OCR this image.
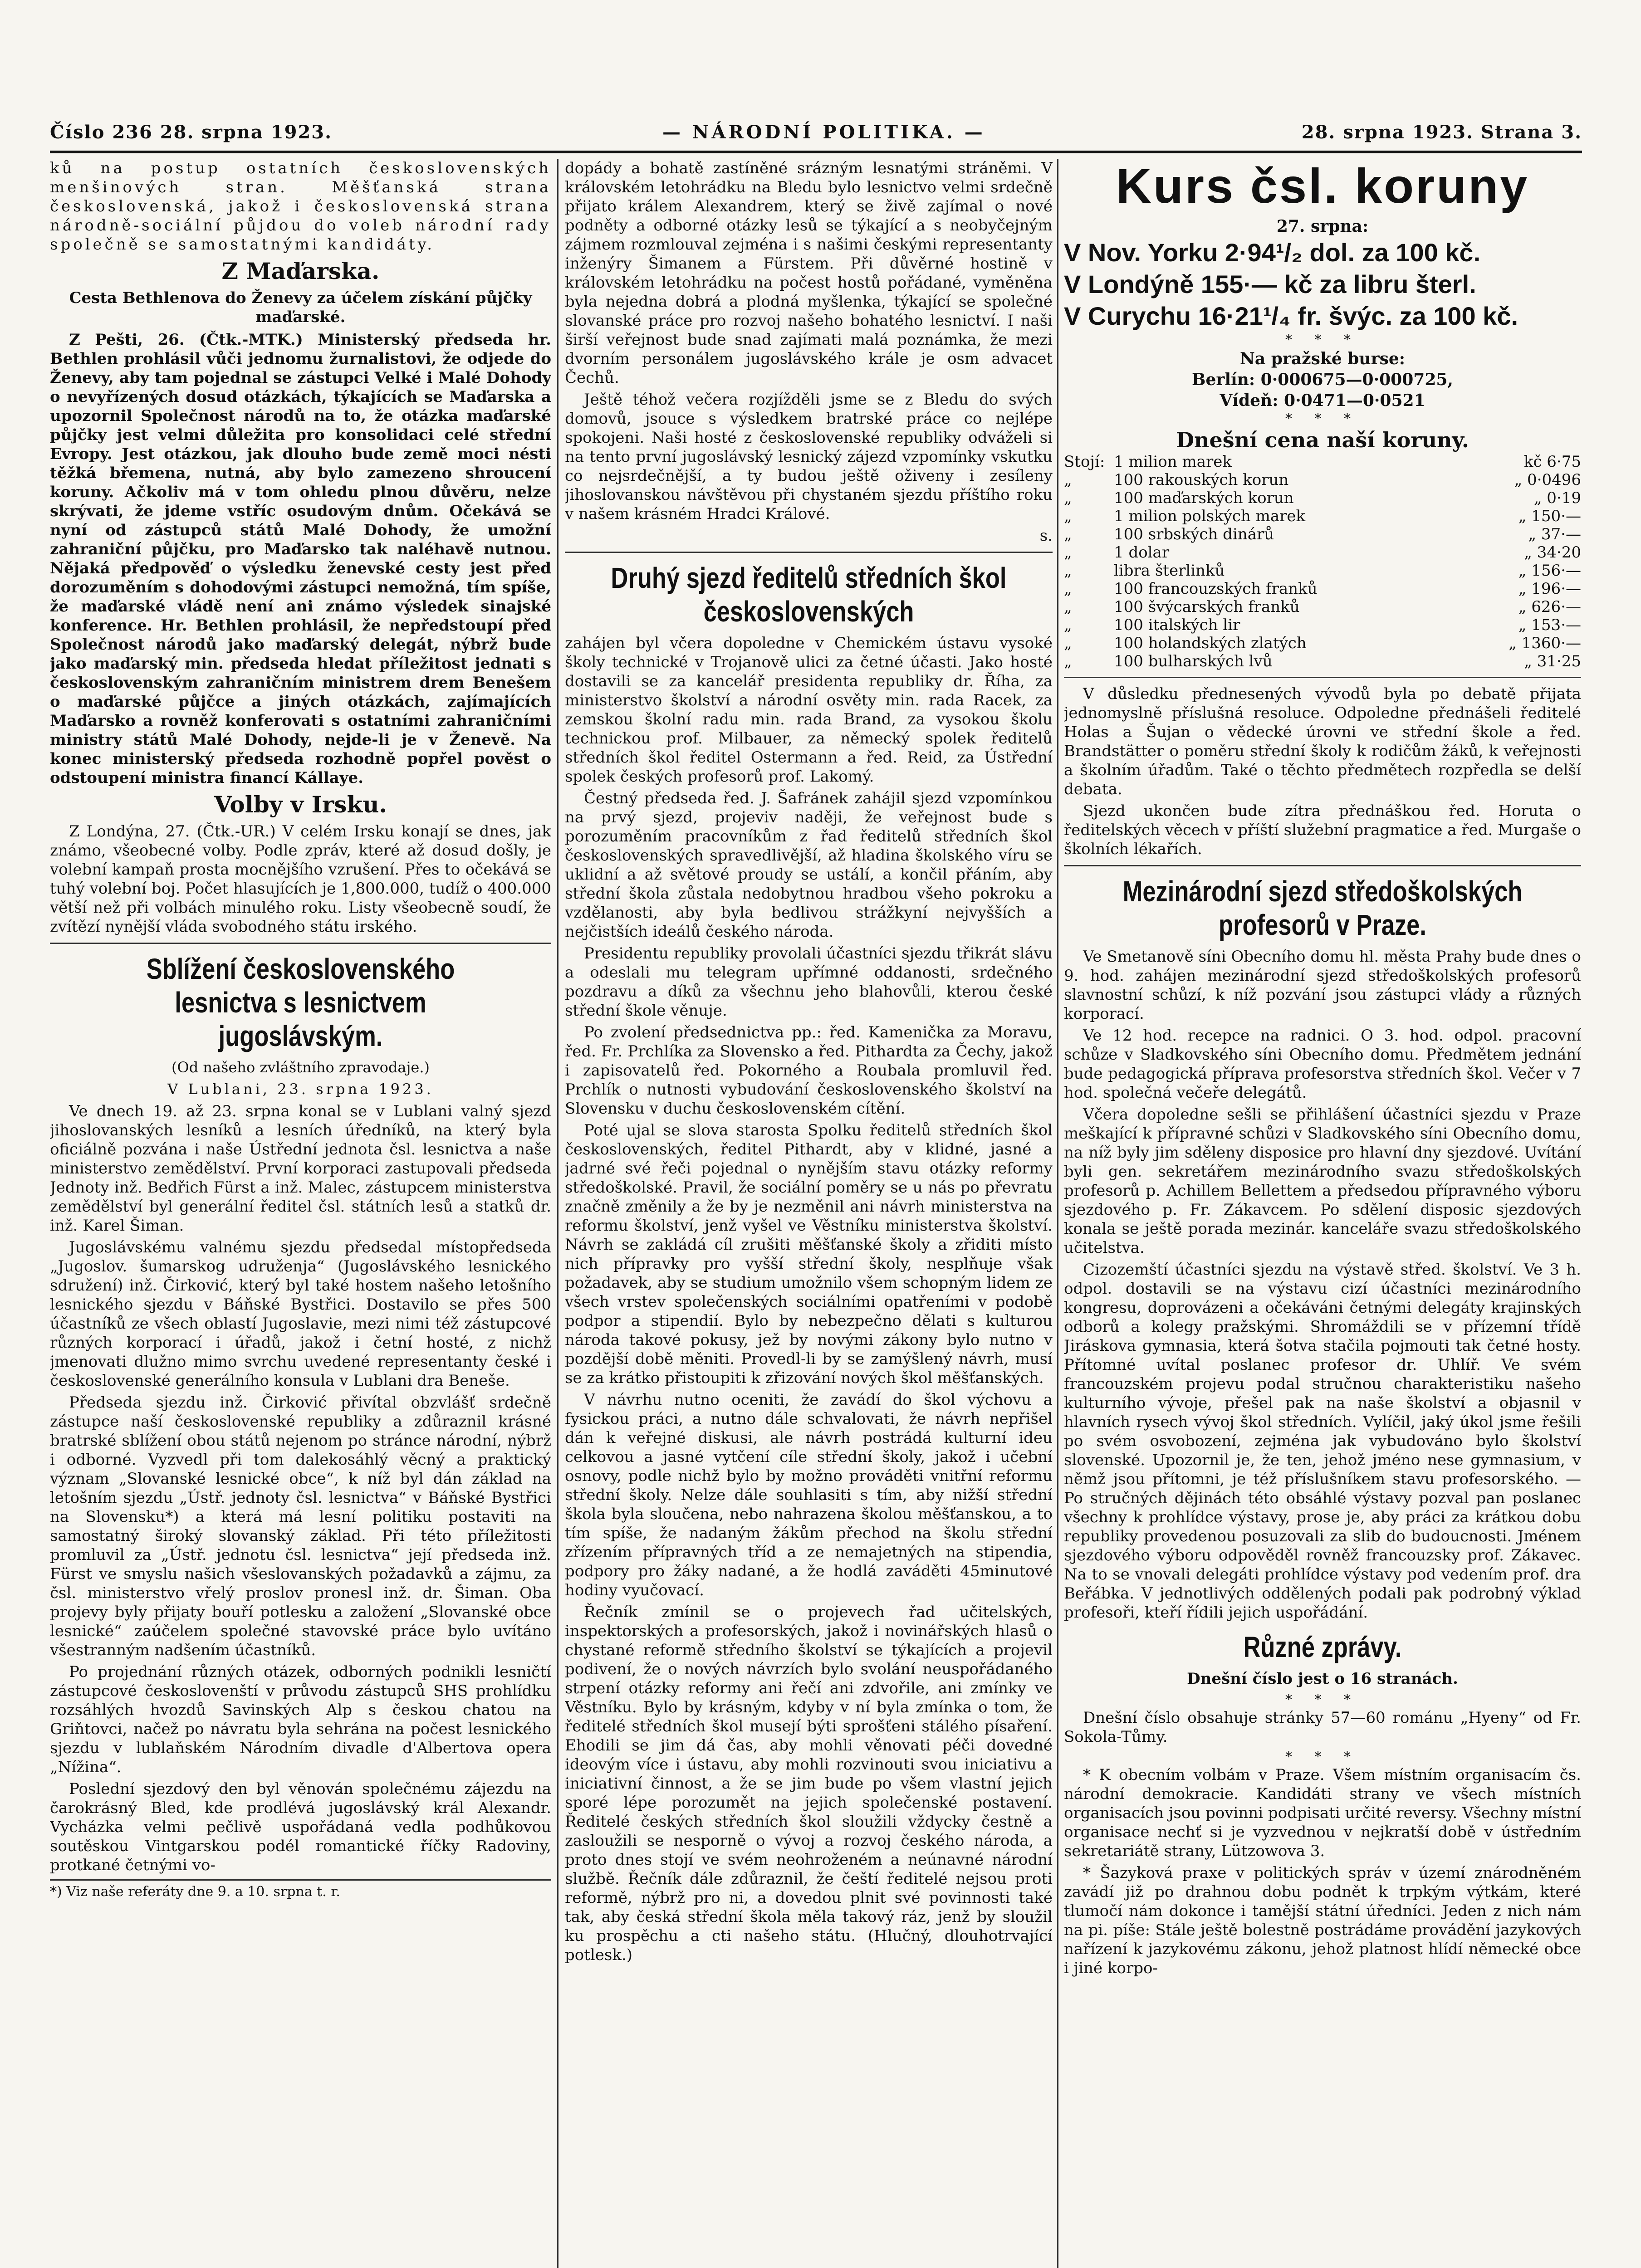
Číslo 236 28. srpna 1923.	— NÁRODNÍ POLITIKA. —	28. srpna 1923. Strana 3.

ků na postup ostatních československých menšinových stran. Měšťanská strana československá, jakož i československá strana národně-sociální půjdou do voleb národní rady společně se samostatnými kandidáty.

Z Maďarska.
Cesta Bethlenova do Ženevy za účelem získání půjčky maďarské.

Z Pešti, 26. (Čtk.-MTK.) Ministerský předseda hr. Bethlen prohlásil vůči jednomu žurnalistovi, že odjede do Ženevy, aby tam pojednal se zástupci Velké i Malé Dohody o nevyřízených dosud otázkách, týkajících se Maďarska a upozornil Společnost národů na to, že otázka maďarské půjčky jest velmi důležita pro konsolidaci celé střední Evropy. Jest otázkou, jak dlouho bude země moci nésti těžká břemena, nutná, aby bylo zamezeno shroucení koruny. Ačkoliv má v tom ohledu plnou důvěru, nelze skrývati, že jdeme vstříc osudovým dnům. Očekává se nyní od zástupců států Malé Dohody, že umožní zahraniční půjčku, pro Maďarsko tak naléhavě nutnou. Nějaká předpověď o výsledku ženevské cesty jest před dorozuměním s dohodovými zástupci nemožná, tím spíše, že maďarské vládě není ani známo výsledek sinajské konference. Hr. Bethlen prohlásil, že nepředstoupí před Společnost národů jako maďarský delegát, nýbrž bude jako maďarský min. předseda hledat příležitost jednati s československým zahraničním ministrem drem Benešem o maďarské půjčce a jiných otázkách, zajímajících Maďarsko a rovněž konferovati s ostatními zahraničními ministry států Malé Dohody, nejde-li je v Ženevě. Na konec ministerský předseda rozhodně popřel pověst o odstoupení ministra financí Kállaye.

Volby v Irsku.

Z Londýna, 27. (Čtk.-UR.) V celém Irsku konají se dnes, jak známo, všeobecné volby. Podle zpráv, které až dosud došly, je volební kampaň prosta mocnějšího vzrušení. Přes to očekává se tuhý volební boj. Počet hlasujících je 1,800.000, tudíž o 400.000 větší než při volbách minulého roku. Listy všeobecně soudí, že zvítězí nynější vláda svobodného státu irského.

Sblížení československého lesnictva s lesnictvem jugoslávským.
(Od našeho zvláštního zpravodaje.)
V Lublani, 23. srpna 1923.

Ve dnech 19. až 23. srpna konal se v Lublani valný sjezd jihoslovanských lesníků a lesních úředníků, na který byla oficiálně pozvána i naše Ústřední jednota čsl. lesnictva a naše ministerstvo zemědělství. První korporaci zastupovali předseda Jednoty inž. Bedřich Fürst a inž. Malec, zástupcem ministerstva zemědělství byl generální ředitel čsl. státních lesů a statků dr. inž. Karel Šiman.

Jugoslávskému valnému sjezdu předsedal místopředseda „Jugoslov. šumarskog udruženja“ (Jugoslávského lesnického sdružení) inž. Čirković, který byl také hostem našeho letošního lesnického sjezdu v Báňské Bystřici. Dostavilo se přes 500 účastníků ze všech oblastí Jugoslavie, mezi nimi též zástupcové různých korporací i úřadů, jakož i četní hosté, z nichž jmenovati dlužno mimo svrchu uvedené representanty české i československé generálního konsula v Lublani dra Beneše.

Předseda sjezdu inž. Čirković přivítal obzvlášť srdečně zástupce naší československé republiky a zdůraznil krásné bratrské sblížení obou států nejenom po stránce národní, nýbrž i odborné. Vyzvedl při tom dalekosáhlý věcný a praktický význam „Slovanské lesnické obce“, k níž byl dán základ na letošním sjezdu „Ústř. jednoty čsl. lesnictva“ v Báňské Bystřici na Slovensku*) a která má lesní politiku postaviti na samostatný široký slovanský základ. Při této příležitosti promluvil za „Ústř. jednotu čsl. lesnictva“ její předseda inž. Fürst ve smyslu našich všeslovanských požadavků a zájmu, za čsl. ministerstvo vřelý proslov pronesl inž. dr. Šiman. Oba projevy byly přijaty bouří potlesku a založení „Slovanské obce lesnické“ zaúčelem společné stavovské práce bylo uvítáno všestranným nadšením účastníků.

Po projednání různých otázek, odborných podnikli lesničtí zástupcové českoslovenští v průvodu zástupců SHS prohlídku rozsáhlých hvozdů Savinských Alp s českou chatou na Griňtovci, načež po návratu byla sehrána na počest lesnického sjezdu v lublaňském Národním divadle d'Albertova opera „Nížina“.

Poslední sjezdový den byl věnován společnému zájezdu na čarokrásný Bled, kde prodlévá jugoslávský král Alexandr. Vycházka velmi pečlivě uspořádaná vedla podhůkovou soutěskou Vintgarskou podél romantické říčky Radoviny, protkané četnými vo-

*) Viz naše referáty dne 9. a 10. srpna t. r.

dopády a bohatě zastíněné srázným lesnatými stráněmi. V královském letohrádku na Bledu bylo lesnictvo velmi srdečně přijato králem Alexandrem, který se živě zajímal o nové podněty a odborné otázky lesů se týkající a s neobyčejným zájmem rozmlouval zejména i s našimi českými representanty inženýry Šimanem a Fürstem. Při důvěrné hostině v královském letohrádku na počest hostů pořádané, vyměněna byla nejedna dobrá a plodná myšlenka, týkající se společné slovanské práce pro rozvoj našeho bohatého lesnictví. I naši širší veřejnost bude snad zajímati malá poznámka, že mezi dvorním personálem jugoslávského krále je osm advacet Čechů.

Ještě téhož večera rozjížděli jsme se z Bledu do svých domovů, jsouce s výsledkem bratrské práce co nejlépe spokojeni. Naši hosté z československé republiky odváželi si na tento první jugoslávský lesnický zájezd vzpomínky vskutku co nejsrdečnější, a ty budou ještě oživeny i zesíleny jihoslovanskou návštěvou při chystaném sjezdu příštího roku v našem krásném Hradci Králové.

s.
Druhý sjezd ředitelů středních škol československých

zahájen byl včera dopoledne v Chemickém ústavu vysoké školy technické v Trojanově ulici za četné účasti. Jako hosté dostavili se za kancelář presidenta republiky dr. Říha, za ministerstvo školství a národní osvěty min. rada Racek, za zemskou školní radu min. rada Brand, za vysokou školu technickou prof. Milbauer, za německý spolek ředitelů středních škol ředitel Ostermann a řed. Reid, za Ústřední spolek českých profesorů prof. Lakomý.

Čestný předseda řed. J. Šafránek zahájil sjezd vzpomínkou na prvý sjezd, projeviv naději, že veřejnost bude s porozuměním pracovníkům z řad ředitelů středních škol československých spravedlivější, až hladina školského víru se uklidní a až světové proudy se ustálí, a končil přáním, aby střední škola zůstala nedobytnou hradbou všeho pokroku a vzdělanosti, aby byla bedlivou strážkyní nejvyšších a nejčistších ideálů českého národa.

Presidentu republiky provolali účastníci sjezdu třikrát slávu a odeslali mu telegram upřímné oddanosti, srdečného pozdravu a díků za všechnu jeho blahovůli, kterou české střední škole věnuje.

Po zvolení předsednictva pp.: řed. Kamenička za Moravu, řed. Fr. Prchlíka za Slovensko a řed. Pithardta za Čechy, jakož i zapisovatelů řed. Pokorného a Roubala promluvil řed. Prchlík o nutnosti vybudování československého školství na Slovensku v duchu československém cítění.

Poté ujal se slova starosta Spolku ředitelů středních škol československých, ředitel Pithardt, aby v klidné, jasné a jadrné své řeči pojednal o nynějším stavu otázky reformy středoškolské. Pravil, že sociální poměry se u nás po převratu značně změnily a že by je nezměnil ani návrh ministerstva na reformu školství, jenž vyšel ve Věstníku ministerstva školství. Návrh se zakládá cíl zrušiti měšťanské školy a zřiditi místo nich přípravky pro vyšší střední školy, nesplňuje však požadavek, aby se studium umožnilo všem schopným lidem ze všech vrstev společenských sociálními opatřeními v podobě podpor a stipendií. Bylo by nebezpečno dělati s kulturou národa takové pokusy, jež by novými zákony bylo nutno v pozdější době měniti. Provedl-li by se zamýšlený návrh, musí se za krátko přistoupiti k zřizování nových škol měšťanských.

V návrhu nutno oceniti, že zavádí do škol výchovu a fysickou práci, a nutno dále schvalovati, že návrh nepřišel dán k veřejné diskusi, ale návrh postrádá kulturní ideu celkovou a jasné vytčení cíle střední školy, jakož i učební osnovy, podle nichž bylo by možno prováděti vnitřní reformu střední školy. Nelze dále souhlasiti s tím, aby nižší střední škola byla sloučena, nebo nahrazena školou měšťanskou, a to tím spíše, že nadaným žákům přechod na školu střední zřízením přípravných tříd a ze nemajetných na stipendia, podpory pro žáky nadané, a že hodlá zaváděti 45minutové hodiny vyučovací.

Řečník zmínil se o projevech řad učitelských, inspektorských a profesorských, jakož i novinářských hlasů o chystané reformě středního školství se týkajících a projevil podivení, že o nových návrzích bylo svolání neuspořádaného strpení otázky reformy ani řečí ani zdvořile, ani zmínky ve Věstníku. Bylo by krásným, kdyby v ní byla zmínka o tom, že ředitelé středních škol musejí býti sprošťeni stálého písaření. Ehodili se jim dá čas, aby mohli věnovati péči dovedné ideovým více i ústavu, aby mohli rozvinouti svou iniciativu a iniciativní činnost, a že se jim bude po všem vlastní jejich sporé lépe porozumět na jejich společenské postavení. Ředitelé českých středních škol sloužili vždycky čestně a zasloužili se nesporně o vývoj a rozvoj českého národa, a proto dnes stojí ve svém neohroženém a neúnavné národní službě. Řečník dále zdůraznil, že čeští ředitelé nejsou proti reformě, nýbrž pro ni, a dovedou plnit své povinnosti také tak, aby česká střední škola měla takový ráz, jenž by sloužil ku prospěchu a cti našeho státu. (Hlučný, dlouhotrvající potlesk.)

Kurs čsl. koruny
27. srpna:
V Nov. Yorku 2·94¹/₂ dol. za 100 kč.
V Londýně 155·— kč za libru šterl.
V Curychu 16·21¹/₄ fr. švýc. za 100 kč.
* * *
Na pražské burse:
Berlín: 0·000675—0·000725,
Vídeň: 0·0471—0·0521
* * *
Dnešní cena naší koruny.
Stojí:	1 milion marek	kč 6·75
„	100 rakouských korun	„ 0·0496
„	100 maďarských korun	„ 0·19
„	1 milion polských marek	„ 150·—
„	100 srbských dinárů	„ 37·—
„	1 dolar	„ 34·20
„	libra šterlinků	„ 156·—
„	100 francouzských franků	„ 196·—
„	100 švýcarských franků	„ 626·—
„	100 italských lir	„ 153·—
„	100 holandských zlatých	„ 1360·—
„	100 bulharských lvů	„ 31·25

V důsledku přednesených vývodů byla po debatě přijata jednomyslně příslušná resoluce. Odpoledne přednášeli ředitelé Holas a Šujan o vědecké úrovni ve střední škole a řed. Brandstätter o poměru střední školy k rodičům žáků, k veřejnosti a školním úřadům. Také o těchto předmětech rozpředla se delší debata.

Sjezd ukončen bude zítra přednáškou řed. Horuta o ředitelských věcech v příští služební pragmatice a řed. Murgaše o školních lékařích.

Mezinárodní sjezd středoškolských profesorů v Praze.

Ve Smetanově síni Obecního domu hl. města Prahy bude dnes o 9. hod. zahájen mezinárodní sjezd středoškolských profesorů slavnostní schůzí, k níž pozvání jsou zástupci vlády a různých korporací.

Ve 12 hod. recepce na radnici. O 3. hod. odpol. pracovní schůze v Sladkovského síni Obecního domu. Předmětem jednání bude pedagogická příprava profesorstva středních škol. Večer v 7 hod. společná večeře delegátů.

Včera dopoledne sešli se přihlášení účastníci sjezdu v Praze meškající k přípravné schůzi v Sladkovského síni Obecního domu, na níž byly jim sděleny disposice pro hlavní dny sjezdové. Uvítání byli gen. sekretářem mezinárodního svazu středoškolských profesorů p. Achillem Bellettem a předsedou přípravného výboru sjezdového p. Fr. Zákavcem. Po sdělení disposic sjezdových konala se ještě porada mezinár. kanceláře svazu středoškolského učitelstva.

Cizozemští účastníci sjezdu na výstavě střed. školství. Ve 3 h. odpol. dostavili se na výstavu cizí účastníci mezinárodního kongresu, doprovázeni a očekáváni četnými delegáty krajinských odborů a kolegy pražskými. Shromáždili se v přízemní třídě Jiráskova gymnasia, která šotva stačila pojmouti tak četné hosty. Přítomné uvítal poslanec profesor dr. Uhlíř. Ve svém francouzském projevu podal stručnou charakteristiku našeho kulturního vývoje, přešel pak na naše školství a objasnil v hlavních rysech vývoj škol středních. Vylíčil, jaký úkol jsme řešili po svém osvobození, zejména jak vybudováno bylo školství slovenské. Upozornil je, že ten, jehož jméno nese gymnasium, v němž jsou přítomni, je též příslušníkem stavu profesorského. — Po stručných dějinách této obsáhlé výstavy pozval pan poslanec všechny k prohlídce výstavy, prose je, aby práci za krátkou dobu republiky provedenou posuzovali za slib do budoucnosti. Jménem sjezdového výboru odpověděl rovněž francouzsky prof. Zákavec. Na to se vnovali delegáti prohlídce výstavy pod vedením prof. dra Beřábka. V jednotlivých oddělených podali pak podrobný výklad profesoři, kteří řídili jejich uspořádání.

Různé zprávy.
Dnešní číslo jest o 16 stranách.
* * *

Dnešní číslo obsahuje stránky 57—60 románu „Hyeny“ od Fr. Sokola-Tůmy.

* * *

* K obecním volbám v Praze. Všem místním organisacím čs. národní demokracie. Kandidáti strany ve všech místních organisacích jsou povinni podpisati určité reversy. Všechny místní organisace nechť si je vyzvednou v nejkratší době v ústředním sekretariátě strany, Lützowova 3.

* Šazyková praxe v politických správ v území znárodněném zavádí již po drahnou dobu podnět k trpkým výtkám, které tlumočí nám dokonce i tamější státní úředníci. Jeden z nich nám na pi. píše: Stále ještě bolestně postrádáme provádění jazykových nařízení k jazykovému zákonu, jehož platnost hlídí německé obce i jiné korpo-
